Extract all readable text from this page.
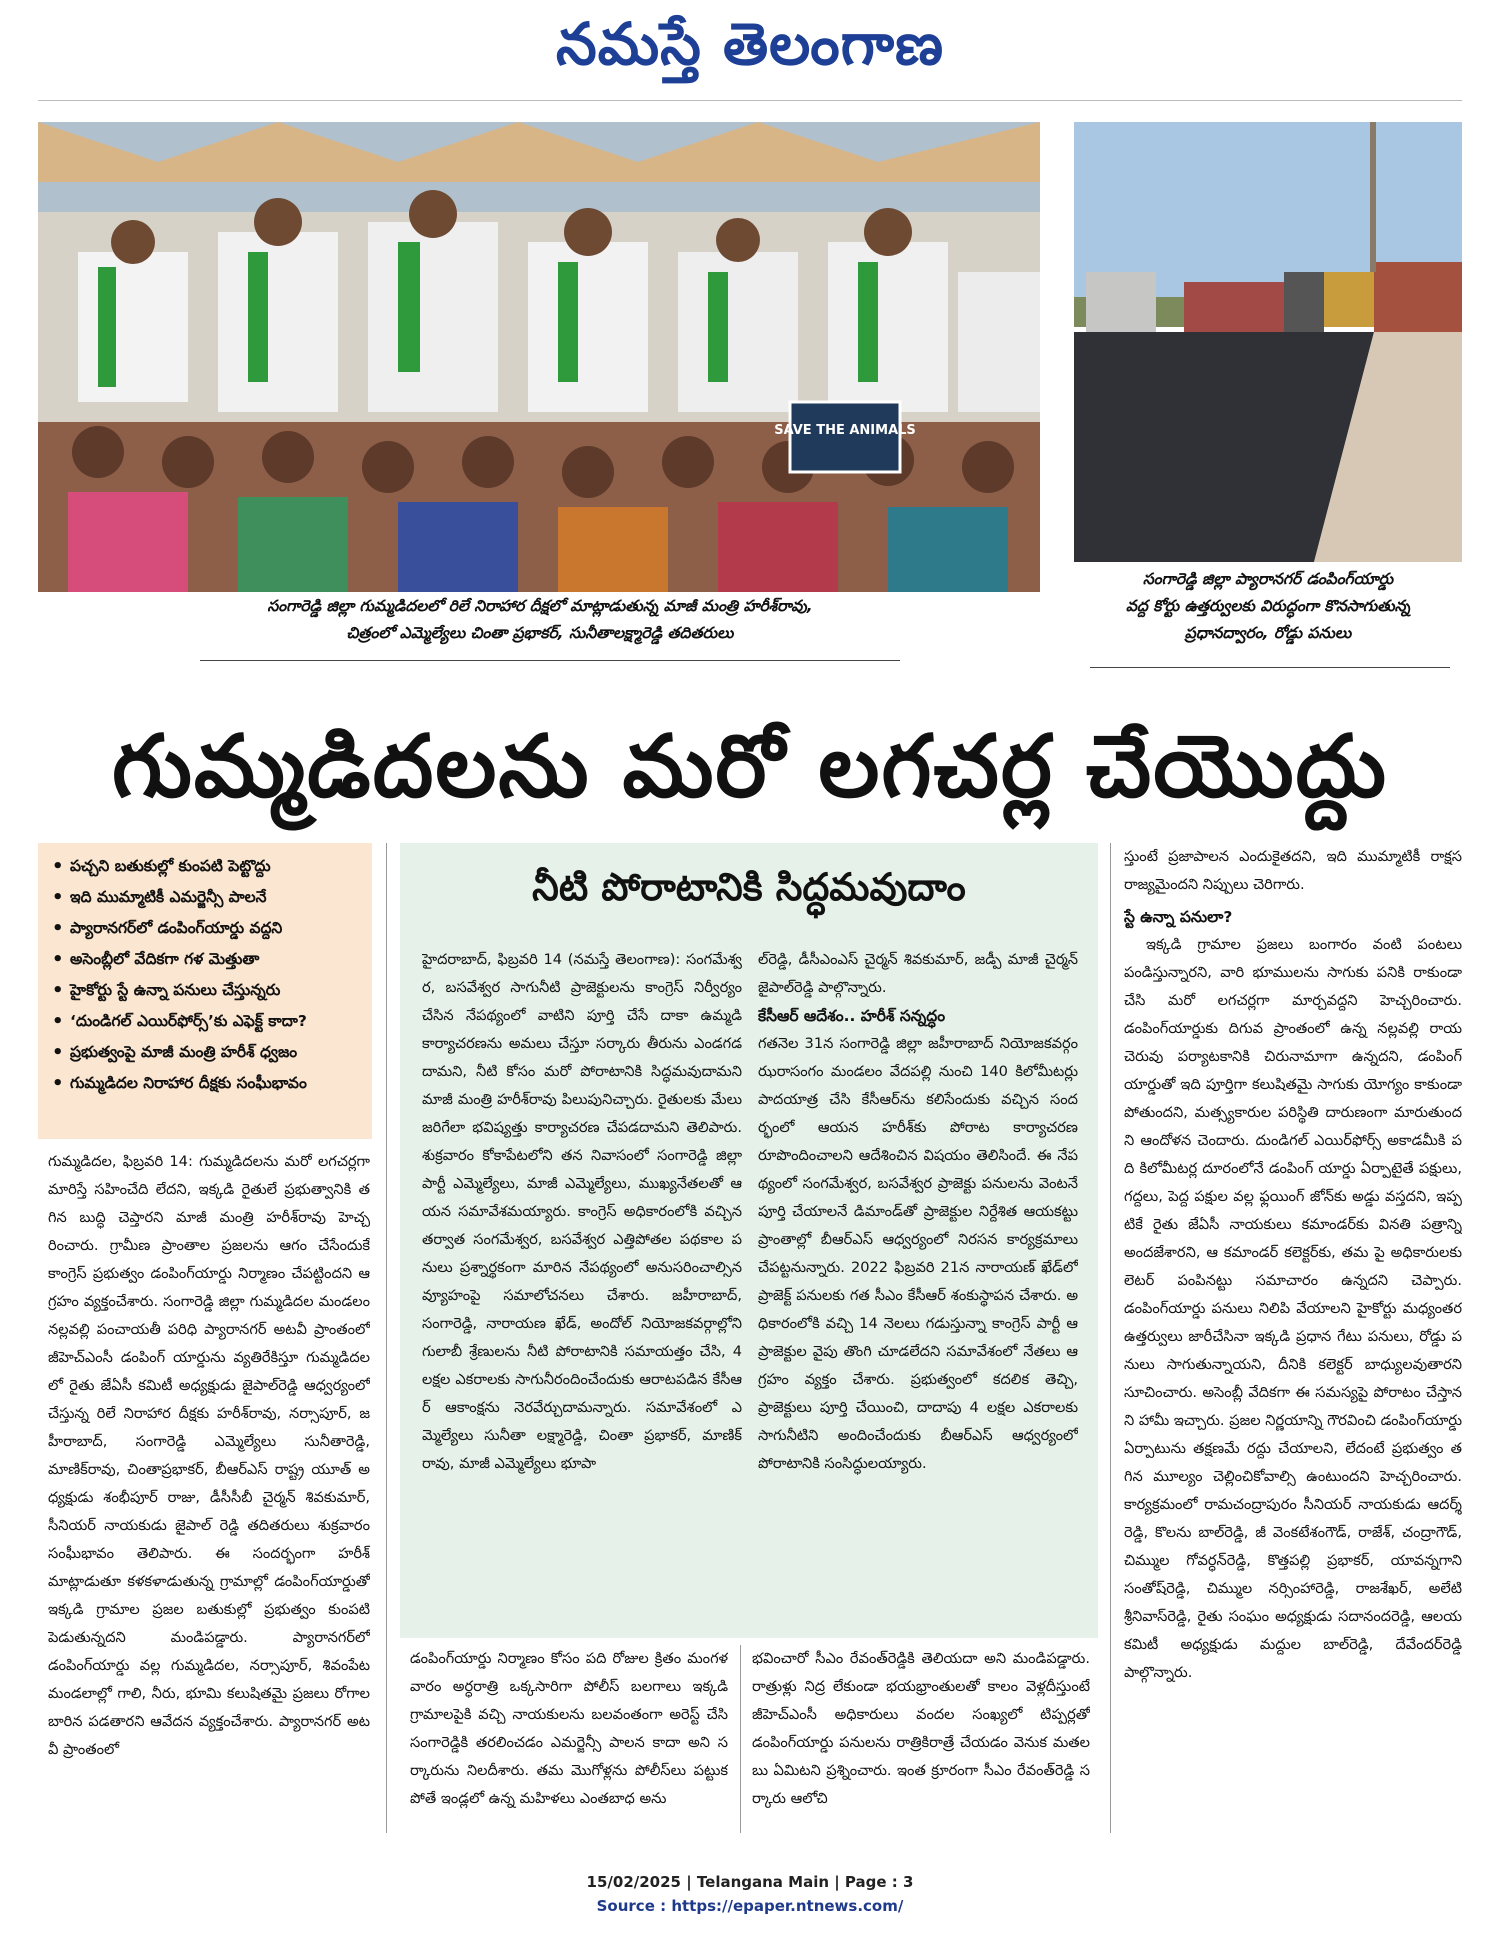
నమస్తే తెలంగాణ
SAVE THE ANIMALS
సంగారెడ్డి జిల్లా గుమ్మడిదలలో రిలే నిరాహార దీక్షలో మాట్లాడుతున్న మాజీ మంత్రి హరీశ్‌రావు,
చిత్రంలో ఎమ్మెల్యేలు చింతా ప్రభాకర్, సునీతాలక్ష్మారెడ్డి తదితరులు
సంగారెడ్డి జిల్లా ప్యారానగర్ డంపింగ్‌యార్డు
వద్ద కోర్టు ఉత్తర్వులకు విరుద్ధంగా కొనసాగుతున్న
ప్రధానద్వారం, రోడ్డు పనులు
గుమ్మడిదలను మరో లగచర్ల చేయొద్దు
• పచ్చని బతుకుల్లో కుంపటి పెట్టొద్దు
• ఇది ముమ్మాటికీ ఎమర్జెన్సీ పాలనే
• ప్యారానగర్‌లో డంపింగ్‌యార్డు వద్దని
• అసెంబ్లీలో వేదికగా గళ మెత్తుతా
• హైకోర్టు స్టే ఉన్నా పనులు చేస్తున్నరు
• ‘దుండిగల్ ఎయిర్‌ఫోర్స్’కు ఎఫెక్ట్ కాదా?
• ప్రభుత్వంపై మాజీ మంత్రి హరీశ్ ధ్వజం
• గుమ్మడిదల నిరాహార దీక్షకు సంఘీభావం
గుమ్మడిదల, ఫిబ్రవరి 14: గుమ్మడిదలను మరో లగచర్లగా మారిస్తే సహించేది లేదని, ఇక్కడి రైతులే ప్రభుత్వానికి తగిన బుద్ధి చెప్తారని మాజీ మంత్రి హరీశ్‌రావు హెచ్చరించారు. గ్రామీణ ప్రాంతాల ప్రజలను ఆగం చేసేందుకే కాంగ్రెస్ ప్రభుత్వం డంపింగ్‌యార్డు నిర్మాణం చేపట్టిందని ఆగ్రహం వ్యక్తంచేశారు. సంగారెడ్డి జిల్లా గుమ్మడిదల మండలం నల్లవల్లి పంచాయతీ పరిధి ప్యారానగర్ అటవీ ప్రాంతంలో జీహెచ్‌ఎంసీ డంపింగ్ యార్డును వ్యతిరేకిస్తూ గుమ్మడిదలలో రైతు జేఏసీ కమిటీ అధ్యక్షుడు జైపాల్‌రెడ్డి ఆధ్వర్యంలో చేస్తున్న రిలే నిరాహార దీక్షకు హరీశ్‌రావు, నర్సాపూర్, జహీరాబాద్, సంగారెడ్డి ఎమ్మెల్యేలు సునీతారెడ్డి, మాణిక్‌రావు, చింతాప్రభాకర్, బీఆర్‌ఎస్ రాష్ట్ర యూత్ అధ్యక్షుడు శంభీపూర్ రాజు, డీసీసీబీ చైర్మన్ శివకుమార్, సీనియర్ నాయకుడు జైపాల్ రెడ్డి తదితరులు శుక్రవారం సంఘీభావం తెలిపారు. ఈ సందర్భంగా హరీశ్ మాట్లాడుతూ కళకళాడుతున్న గ్రామాల్లో డంపింగ్‌యార్డుతో ఇక్కడి గ్రామాల ప్రజల బతుకుల్లో ప్రభుత్వం కుంపటి పెడుతున్నదని మండిపడ్డారు. ప్యారానగర్‌లో డంపింగ్‌యార్డు వల్ల గుమ్మడిదల, నర్సాపూర్, శివంపేట మండలాల్లో గాలి, నీరు, భూమి కలుషితమై ప్రజలు రోగాల బారిన పడతారని ఆవేదన వ్యక్తంచేశారు. ప్యారానగర్ అటవీ ప్రాంతంలో
నీటి పోరాటానికి సిద్ధమవుదాం
హైదరాబాద్, ఫిబ్రవరి 14 (నమస్తే తెలంగాణ): సంగమేశ్వర, బసవేశ్వర సాగునీటి ప్రాజెక్టులను కాంగ్రెస్ నిర్వీర్యం చేసిన నేపథ్యంలో వాటిని పూర్తి చేసే దాకా ఉమ్మడి కార్యాచరణను అమలు చేస్తూ సర్కారు తీరును ఎండగడదామని, నీటి కోసం మరో పోరాటానికి సిద్ధమవుదామని మాజీ మంత్రి హరీశ్‌రావు పిలుపునిచ్చారు. రైతులకు మేలు జరిగేలా భవిష్యత్తు కార్యాచరణ చేపడదామని తెలిపారు. శుక్రవారం కోకాపేటలోని తన నివాసంలో సంగారెడ్డి జిల్లా పార్టీ ఎమ్మెల్యేలు, మాజీ ఎమ్మెల్యేలు, ముఖ్యనేతలతో ఆయన సమావేశమయ్యారు. కాంగ్రెస్ అధికారంలోకి వచ్చిన తర్వాత సంగమేశ్వర, బసవేశ్వర ఎత్తిపోతల పథకాల పనులు ప్రశ్నార్థకంగా మారిన నేపథ్యంలో అనుసరించాల్సిన వ్యూహంపై సమాలోచనలు చేశారు. జహీరాబాద్, సంగారెడ్డి, నారాయణ ఖేడ్, అందోల్ నియోజకవర్గాల్లోని గులాబీ శ్రేణులను నీటి పోరాటానికి సమాయత్తం చేసి, 4 లక్షల ఎకరాలకు సాగునీరందించేందుకు ఆరాటపడిన కేసీఆర్ ఆకాంక్షను నెరవేర్చుదామన్నారు. సమావేశంలో ఎమ్మెల్యేలు సునీతా లక్ష్మారెడ్డి, చింతా ప్రభాకర్, మాణిక్ రావు, మాజీ ఎమ్మెల్యేలు భూపా
ల్‌రెడ్డి, డీసీఎంఎస్ చైర్మన్ శివకుమార్, జడ్పీ మాజీ చైర్మన్ జైపాల్‌రెడ్డి పాల్గొన్నారు.
కేసీఆర్ ఆదేశం.. హరీశ్ సన్నద్ధం
గతనెల 31న సంగారెడ్డి జిల్లా జహీరాబాద్ నియోజకవర్గం ఝరాసంగం మండలం వేదపల్లి నుంచి 140 కిలోమీటర్లు పాదయాత్ర చేసి కేసీఆర్‌ను కలిసేందుకు వచ్చిన సందర్భంలో ఆయన హరీశ్‌కు పోరాట కార్యాచరణ రూపొందించాలని ఆదేశించిన విషయం తెలిసిందే. ఈ నేపథ్యంలో సంగమేశ్వర, బసవేశ్వర ప్రాజెక్టు పనులను వెంటనే పూర్తి చేయాలనే డిమాండ్‌తో ప్రాజెక్టుల నిర్దేశిత ఆయకట్టు ప్రాంతాల్లో బీఆర్‌ఎస్ ఆధ్వర్యంలో నిరసన కార్యక్రమాలు చేపట్టనున్నారు. 2022 ఫిబ్రవరి 21న నారాయణ్ ఖేడ్‌లో ప్రాజెక్ట్ పనులకు గత సీఎం కేసీఆర్ శంకుస్థాపన చేశారు. అధికారంలోకి వచ్చి 14 నెలలు గడుస్తున్నా కాంగ్రెస్ పార్టీ ఆ ప్రాజెక్టుల వైపు తొంగి చూడలేదని సమావేశంలో నేతలు ఆగ్రహం వ్యక్తం చేశారు. ప్రభుత్వంలో కదలిక తెచ్చి, ప్రాజెక్టులు పూర్తి చేయించి, దాదాపు 4 లక్షల ఎకరాలకు సాగునీటిని అందించేందుకు బీఆర్‌ఎస్ ఆధ్వర్యంలో పోరాటానికి సంసిద్ధులయ్యారు.
డంపింగ్‌యార్డు నిర్మాణం కోసం పది రోజుల క్రితం మంగళవారం అర్ధరాత్రి ఒక్కసారిగా పోలీస్ బలగాలు ఇక్కడి గ్రామాలపైకి వచ్చి నాయకులను బలవంతంగా అరెస్ట్ చేసి సంగారెడ్డికి తరలించడం ఎమర్జెన్సీ పాలన కాదా అని సర్కారును నిలదీశారు. తమ మొగోళ్లను పోలీస్‌లు పట్టుకపోతే ఇండ్లలో ఉన్న మహిళలు ఎంతబాధ అను
భవించారో సీఎం రేవంత్‌రెడ్డికి తెలియదా అని మండిపడ్డారు. రాత్రుళ్లు నిద్ర లేకుండా భయభ్రాంతులతో కాలం వెళ్లదీస్తుంటే జీహెచ్‌ఎంసీ అధికారులు వందల సంఖ్యలో టిప్పర్లతో డంపింగ్‌యార్డు పనులను రాత్రికిరాత్రే చేయడం వెనుక మతలబు ఏమిటని ప్రశ్నించారు. ఇంత క్రూరంగా సీఎం రేవంత్‌రెడ్డి సర్కారు ఆలోచి
స్తుంటే ప్రజాపాలన ఎందుకైతదని, ఇది ముమ్మాటికీ రాక్షస రాజ్యమైందని నిప్పులు చెరిగారు.
స్టే ఉన్నా పనులా?
ఇక్కడి గ్రామాల ప్రజలు బంగారం వంటి పంటలు పండిస్తున్నారని, వారి భూములను సాగుకు పనికి రాకుండా చేసి మరో లగచర్లగా మార్చవద్దని హెచ్చరించారు. డంపింగ్‌యార్డుకు దిగువ ప్రాంతంలో ఉన్న నల్లవల్లి రాయచెరువు పర్యాటకానికి చిరునామాగా ఉన్నదని, డంపింగ్ యార్డుతో ఇది పూర్తిగా కలుషితమై సాగుకు యోగ్యం కాకుండా పోతుందని, మత్స్యకారుల పరిస్థితి దారుణంగా మారుతుందని ఆందోళన చెందారు. దుండిగల్ ఎయిర్‌ఫోర్స్ అకాడమీకి పది కిలోమీటర్ల దూరంలోనే డంపింగ్ యార్డు ఏర్పాటైతే పక్షులు, గద్దలు, పెద్ద పక్షుల వల్ల ఫ్లయింగ్ జోన్‌కు అడ్డు వస్తదని, ఇప్పటికే రైతు జేఏసీ నాయకులు కమాండర్‌కు వినతి పత్రాన్ని అందజేశారని, ఆ కమాండర్ కలెక్టర్‌కు, తమ పై అధికారులకు లెటర్ పంపినట్టు సమాచారం ఉన్నదని చెప్పారు. డంపింగ్‌యార్డు పనులు నిలిపి వేయాలని హైకోర్టు మధ్యంతర ఉత్తర్వులు జారీచేసినా ఇక్కడి ప్రధాన గేటు పనులు, రోడ్డు పనులు సాగుతున్నాయని, దీనికి కలెక్టర్ బాధ్యులవుతారని సూచించారు. అసెంబ్లీ వేదికగా ఈ సమస్యపై పోరాటం చేస్తానని హామీ ఇచ్చారు. ప్రజల నిర్ణయాన్ని గౌరవించి డంపింగ్‌యార్డు ఏర్పాటును తక్షణమే రద్దు చేయాలని, లేదంటే ప్రభుత్వం తగిన మూల్యం చెల్లించికోవాల్సి ఉంటుందని హెచ్చరించారు. కార్యక్రమంలో రామచంద్రాపురం సీనియర్ నాయకుడు ఆదర్శ్ రెడ్డి, కొలను బాల్‌రెడ్డి, జీ వెంకటేశంగౌడ్, రాజేశ్, చంద్రాగౌడ్, చిమ్ముల గోవర్ధన్‌రెడ్డి, కొత్తపల్లి ప్రభాకర్, యావన్నగాని సంతోష్‌రెడ్డి, చిమ్ముల నర్సింహారెడ్డి, రాజశేఖర్, అలేటి శ్రీనివాస్‌రెడ్డి, రైతు సంఘం అధ్యక్షుడు సదానందరెడ్డి, ఆలయకమిటీ అధ్యక్షుడు మద్దుల బాల్‌రెడ్డి, దేవేందర్‌రెడ్డి పాల్గొన్నారు.
15/02/2025 | Telangana Main | Page : 3
Source : https://epaper.ntnews.com/
